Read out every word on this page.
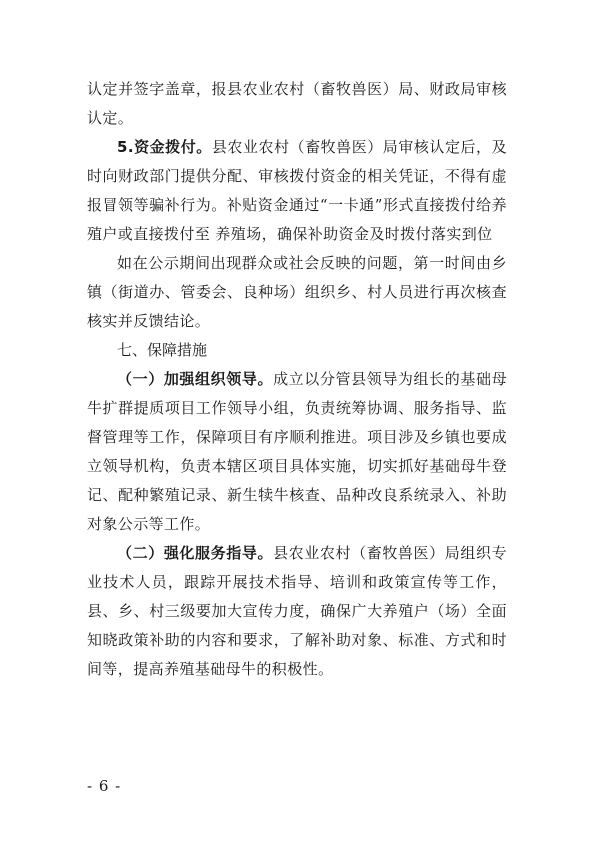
认定并签字盖章，报县农业农村（畜牧兽医）局、财政局审核认定。

5.资金拨付。县农业农村（畜牧兽医）局审核认定后，及时向财政部门提供分配、审核拨付资金的相关凭证，不得有虚报冒领等骗补行为。补贴资金通过“一卡通”形式直接拨付给养殖户或直接拨付至 养殖场，确保补助资金及时拨付落实到位

如在公示期间出现群众或社会反映的问题，第一时间由乡镇（街道办、管委会、良种场）组织乡、村人员进行再次核查核实并反馈结论。

七、保障措施

（一）加强组织领导。成立以分管县领导为组长的基础母牛扩群提质项目工作领导小组，负责统筹协调、服务指导、监督管理等工作，保障项目有序顺利推进。项目涉及乡镇也要成立领导机构，负责本辖区项目具体实施，切实抓好基础母牛登记、配种繁殖记录、新生犊牛核查、品种改良系统录入、补助对象公示等工作。

（二）强化服务指导。县农业农村（畜牧兽医）局组织专业技术人员，跟踪开展技术指导、培训和政策宣传等工作，县、乡、村三级要加大宣传力度，确保广大养殖户（场）全面知晓政策补助的内容和要求，了解补助对象、标准、方式和时间等，提高养殖基础母牛的积极性。

- 6 -
